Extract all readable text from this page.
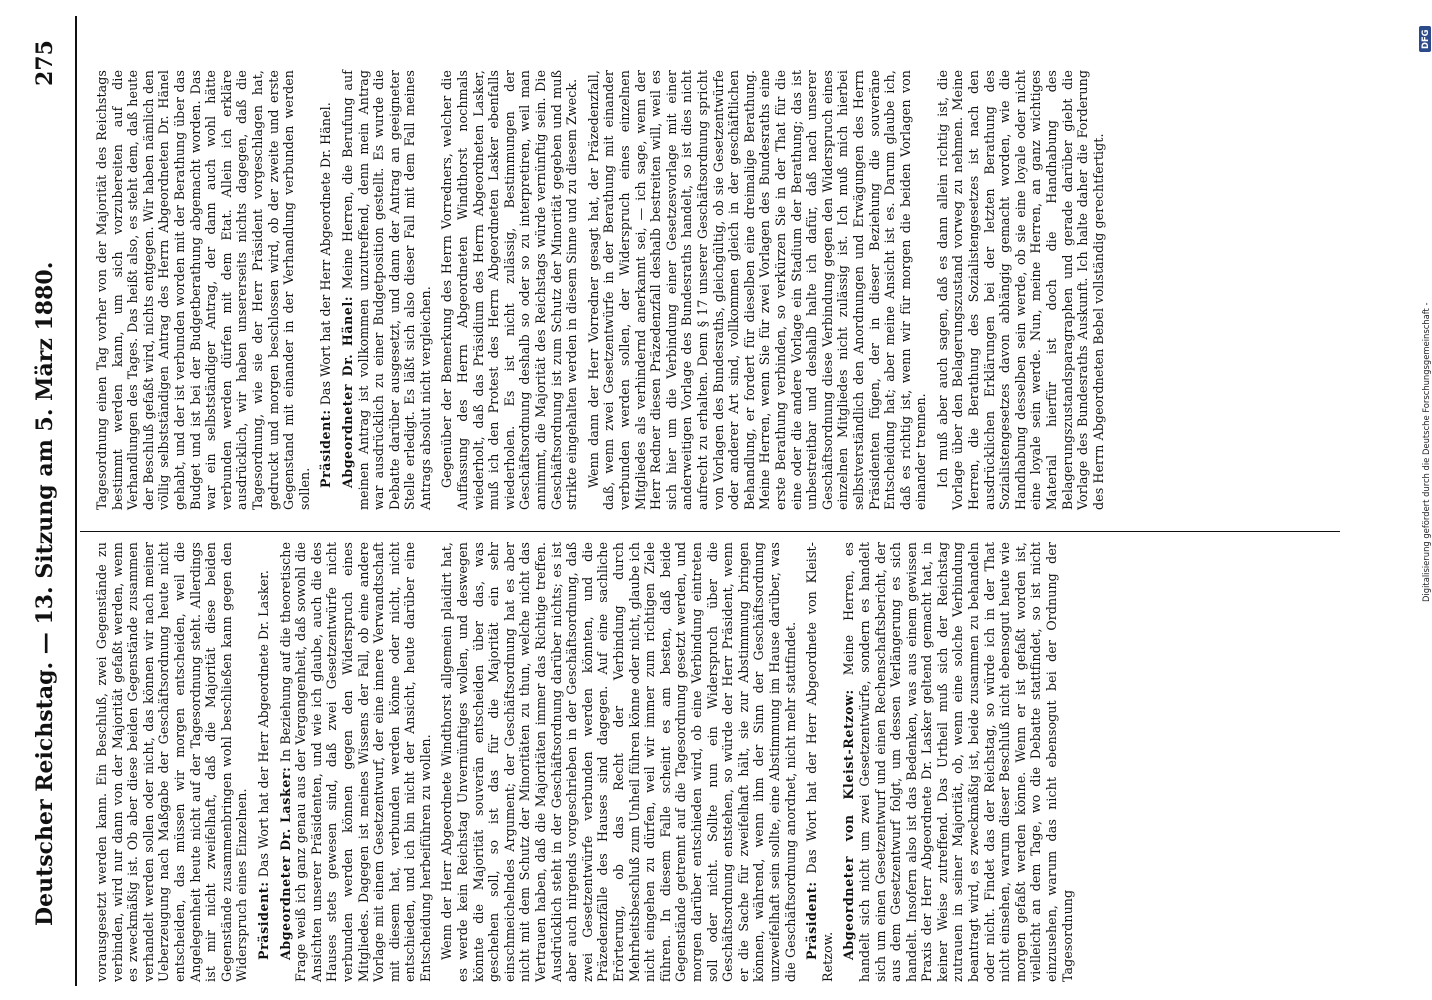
Deutscher Reichstag. — 13. Sitzung am 5. März 1880.
275

vorausgesetzt werden kann. Ein Beschluß, zwei Gegenstände zu verbinden, wird nur dann von der Majorität gefaßt werden, wenn es zweckmäßig ist. Ob aber diese beiden Gegenstände zusammen verhandelt werden sollen oder nicht, das können wir nach meiner Ueberzeugung nach Maßgabe der Geschäftsordnung heute nicht entscheiden, das müssen wir morgen entscheiden, weil die Angelegenheit heute nicht auf der Tagesordnung steht. Allerdings ist mir nicht zweifelhaft, daß die Majorität diese beiden Gegenstände zusammenbringen wohl beschließen kann gegen den Widerspruch eines Einzelnen. Präsident: Das Wort hat der Herr Abgeordnete Dr. Lasker. Abgeordneter Dr. Lasker: In Beziehung auf die theoretische Frage weiß ich ganz genau aus der Vergangenheit, daß sowohl die Ansichten unserer Präsidenten, und wie ich glaube, auch die des Hauses stets gewesen sind, daß zwei Gesetzentwürfe nicht verbunden werden können gegen den Widerspruch eines Mitgliedes. Dagegen ist meines Wissens der Fall, ob eine andere Vorlage mit einem Gesetzentwurf, der eine innere Verwandtschaft mit diesem hat, verbunden werden könne oder nicht, nicht entschieden, und ich bin nicht der Ansicht, heute darüber eine Entscheidung herbeiführen zu wollen. Wenn der Herr Abgeordnete Windthorst allgemein plaidirt hat, es werde kein Reichstag Unvernünftiges wollen, und deswegen könnte die Majorität souverän entscheiden über das, was geschehen soll, so ist das für die Majorität ein sehr einschmeichelndes Argument; der Geschäftsordnung hat es aber nicht mit dem Schutz der Minoritäten zu thun, welche nicht das Vertrauen haben, daß die Majoritäten immer das Richtige treffen. Ausdrücklich steht in der Geschäftsordnung darüber nichts; es ist aber auch nirgends vorgeschrieben in der Geschäftsordnung, daß zwei Gesetzentwürfe verbunden werden könnten, und die Präzedenzfälle des Hauses sind dagegen. Auf eine sachliche Erörterung, ob das Recht der Verbindung durch Mehrheitsbeschluß zum Unheil führen könne oder nicht, glaube ich nicht eingehen zu dürfen, weil wir immer zum richtigen Ziele führen. In diesem Falle scheint es am besten, daß beide Gegenstände getrennt auf die Tagesordnung gesetzt werden, und morgen darüber entschieden wird, ob eine Verbindung eintreten soll oder nicht. Sollte nun ein Widerspruch über die Geschäftsordnung entstehen, so würde der Herr Präsident, wenn er die Sache für zweifelhaft hält, sie zur Abstimmung bringen können, während, wenn ihm der Sinn der Geschäftsordnung unzweifelhaft sein sollte, eine Abstimmung im Hause darüber, was die Geschäftsordnung anordnet, nicht mehr stattfindet. Präsident: Das Wort hat der Herr Abgeordnete von Kleist-Retzow. Abgeordneter von Kleist-Retzow: Meine Herren, es handelt sich nicht um zwei Gesetzentwürfe, sondern es handelt sich um einen Gesetzentwurf und einen Rechenschaftsbericht, der aus dem Gesetzentwurf folgt, um dessen Verlängerung es sich handelt. Insofern also ist das Bedenken, was aus einem gewissen Praxis der Herr Abgeordnete Dr. Lasker geltend gemacht hat, in keiner Weise zutreffend. Das Urtheil muß sich der Reichstag zutrauen in seiner Majorität, ob, wenn eine solche Verbindung beantragt wird, es zweckmäßig ist, beide zusammen zu behandeln oder nicht. Findet das der Reichstag, so würde ich in der That nicht einsehen, warum dieser Beschluß nicht ebensogut heute wie morgen gefaßt werden könne. Wenn er ist gefaßt worden ist, vielleicht an dem Tage, wo die Debatte stattfindet, so ist nicht einzusehen, warum das nicht ebensogut bei der Ordnung der Tagesordnung

Tagesordnung einen Tag vorher von der Majorität des Reichstags bestimmt werden kann, um sich vorzubereiten auf die Verhandlungen des Tages. Das heißt also, es steht dem, daß heute der Beschluß gefaßt wird, nichts entgegen. Wir haben nämlich den völlig selbstständigen Antrag des Herrn Abgeordneten Dr. Hänel gehabt, und der ist verbunden worden mit der Berathung über das Budget und ist bei der Budgetberathung abgemacht worden. Das war ein selbstständiger Antrag, der dann auch wohl hätte verbunden werden dürfen mit dem Etat. Allein ich erkläre ausdrücklich, wir haben unsererseits nichts dagegen, daß die Tagesordnung, wie sie der Herr Präsident vorgeschlagen hat, gedruckt und morgen beschlossen wird, ob der zweite und erste Gegenstand mit einander in der Verhandlung verbunden werden sollen.

Präsident: Das Wort hat der Herr Abgeordnete Dr. Hänel. Abgeordneter Dr. Hänel: Meine Herren, die Berufung auf meinen Antrag ist vollkommen unzutreffend, denn mein Antrag war ausdrücklich zu einer Budgetposition gestellt. Es wurde die Debatte darüber ausgesetzt, und dann der Antrag an geeigneter Stelle erledigt. Es läßt sich also dieser Fall mit dem Fall meines Antrags absolut nicht vergleichen. Gegenüber der Bemerkung des Herrn Vorredners, welcher die Auffassung des Herrn Abgeordneten Windthorst nochmals wiederholt, daß das Präsidium des Herrn Abgeordneten Lasker, muß ich den Protest des Herrn Abgeordneten Lasker ebenfalls wiederholen. Es ist nicht zulässig, Bestimmungen der Geschäftsordnung deshalb so oder so zu interpretiren, weil man annimmt, die Majorität des Reichstags würde vernünftig sein. Die Geschäftsordnung ist zum Schutz der Minorität gegeben und muß strikte eingehalten werden in diesem Sinne und zu diesem Zweck. Wenn dann der Herr Vorredner gesagt hat, der Präzedenzfall, daß, wenn zwei Gesetzentwürfe in der Berathung mit einander verbunden werden sollen, der Widerspruch eines einzelnen Mitgliedes als verhindernd anerkannt sei, — ich sage, wenn der Herr Redner diesen Präzedenzfall deshalb bestreiten will, weil es sich hier um die Verbindung einer Gesetzesvorlage mit einer anderweitigen Vorlage des Bundesraths handelt, so ist dies nicht aufrecht zu erhalten. Denn § 17 unserer Geschäftsordnung spricht von Vorlagen des Bundesraths, gleichgültig, ob sie Gesetzentwürfe oder anderer Art sind, vollkommen gleich in der geschäftlichen Behandlung, er fordert für dieselben eine dreimalige Berathung. Meine Herren, wenn Sie für zwei Vorlagen des Bundesraths eine erste Berathung verbinden, so verkürzen Sie in der That für die eine oder die andere Vorlage ein Stadium der Berathung; das ist unbestreitbar und deshalb halte ich dafür, daß nach unserer Geschäftsordnung diese Verbindung gegen den Widerspruch eines einzelnen Mitgliedes nicht zulässig ist. Ich muß mich hierbei selbstverständlich den Anordnungen und Erwägungen des Herrn Präsidenten fügen, der in dieser Beziehung die souveräne Entscheidung hat; aber meine Ansicht ist es. Darum glaube ich, daß es richtig ist, wenn wir für morgen die beiden Vorlagen von einander trennen. Ich muß aber auch sagen, daß es dann allein richtig ist, die Vorlage über den Belagerungszustand vorweg zu nehmen. Meine Herren, die Berathung des Sozialistengesetzes ist nach den ausdrücklichen Erklärungen bei der letzten Berathung des Sozialistengesetzes davon abhängig gemacht worden, wie die Handhabung desselben sein werde, ob sie eine loyale oder nicht eine loyale sein werde. Nun, meine Herren, an ganz wichtiges Material hierfür ist doch die Handhabung des Belagerungszustandsparagraphen und gerade darüber giebt die Vorlage des Bundesraths Auskunft. Ich halte daher die Forderung des Herrn Abgeordneten Bebel vollständig gerechtfertigt.	Digitalisierung gefördert durch die Deutsche Forschungsgemeinschaft -
DFG
